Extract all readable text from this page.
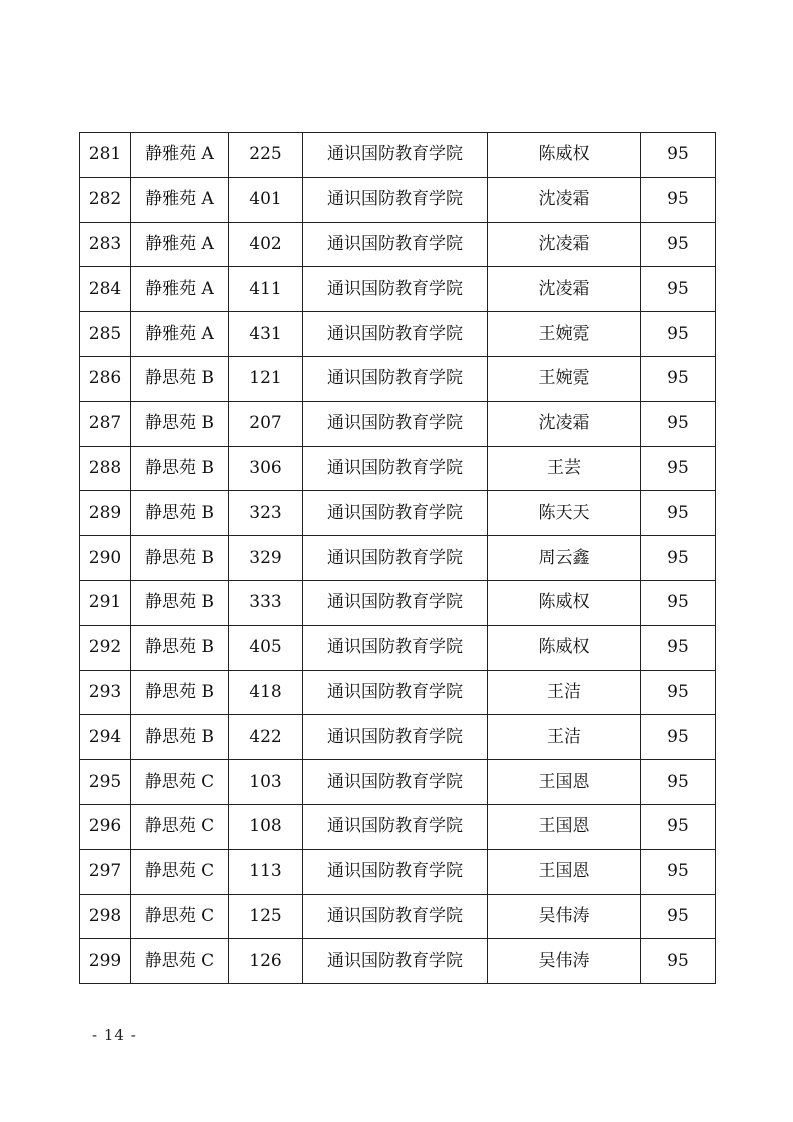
281	静雅苑 A	225	通识国防教育学院	陈威权	95
282	静雅苑 A	401	通识国防教育学院	沈凌霜	95
283	静雅苑 A	402	通识国防教育学院	沈凌霜	95
284	静雅苑 A	411	通识国防教育学院	沈凌霜	95
285	静雅苑 A	431	通识国防教育学院	王婉霓	95
286	静思苑 B	121	通识国防教育学院	王婉霓	95
287	静思苑 B	207	通识国防教育学院	沈凌霜	95
288	静思苑 B	306	通识国防教育学院	王芸	95
289	静思苑 B	323	通识国防教育学院	陈天天	95
290	静思苑 B	329	通识国防教育学院	周云鑫	95
291	静思苑 B	333	通识国防教育学院	陈威权	95
292	静思苑 B	405	通识国防教育学院	陈威权	95
293	静思苑 B	418	通识国防教育学院	王洁	95
294	静思苑 B	422	通识国防教育学院	王洁	95
295	静思苑 C	103	通识国防教育学院	王国恩	95
296	静思苑 C	108	通识国防教育学院	王国恩	95
297	静思苑 C	113	通识国防教育学院	王国恩	95
298	静思苑 C	125	通识国防教育学院	吴伟涛	95
299	静思苑 C	126	通识国防教育学院	吴伟涛	95
- 14 -
